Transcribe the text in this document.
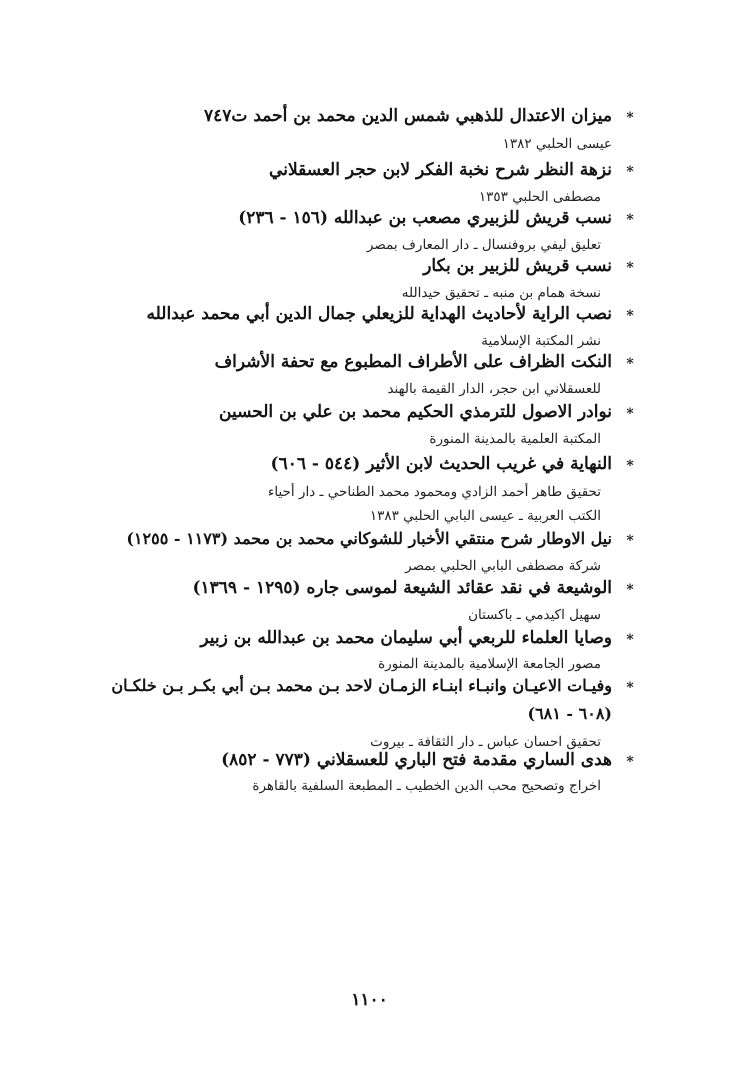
*
ميزان الاعتدال للذهبي شمس الدين محمد بن أحمد ت٧٤٧
عيسى الحلبي ١٣٨٢
*
نزهة النظر شرح نخبة الفكر لابن حجر العسقلاني
مصطفى الحلبي ١٣٥٣
*
نسب قريش للزبيري مصعب بن عبدالله (١٥٦ - ٢٣٦)
تعليق ليفي بروفنسال ـ دار المعارف بمصر
*
نسب قريش للزبير بن بكار
نسخة همام بن منبه ـ تحقيق حيدالله
*
نصب الراية لأحاديث الهداية للزيعلي جمال الدين أبي محمد عبدالله
نشر المكتبة الإسلامية
*
النكت الظراف على الأطراف المطبوع مع تحفة الأشراف
للعسقلاني ابن حجر، الدار القيمة بالهند
*
نوادر الاصول للترمذي الحكيم محمد بن علي بن الحسين
المكتبة العلمية بالمدينة المنورة
*
النهاية في غريب الحديث لابن الأثير (٥٤٤ - ٦٠٦)
تحقيق طاهر أحمد الزادي ومحمود محمد الطناحي ـ دار أحياء
الكتب العربية ـ عيسى البابي الحلبي ١٣٨٣
*
نيل الاوطار شرح منتقي الأخبار للشوكاني محمد بن محمد (١١٧٣ - ١٢٥٥)
شركة مصطفى البابي الحلبي بمصر
*
الوشيعة في نقد عقائد الشيعة لموسى جاره (١٢٩٥ - ١٣٦٩)
سهيل اكيدمي ـ باكستان
*
وصايا العلماء للربعي أبي سليمان محمد بن عبدالله بن زبير
مصور الجامعة الإسلامية بالمدينة المنورة
*
وفيـات الاعيـان وانبـاء ابنـاء الزمـان لاحد بـن محمد بـن أبي بكـر بـن خلكـان
(٦٠٨ - ٦٨١)
تحقيق احسان عباس ـ دار الثقافة ـ بيروت
*
هدى الساري مقدمة فتح الباري للعسقلاني (٧٧٣ - ٨٥٢)
اخراج وتصحيح محب الدين الخطيب ـ المطبعة السلفية بالقاهرة
١١٠٠
